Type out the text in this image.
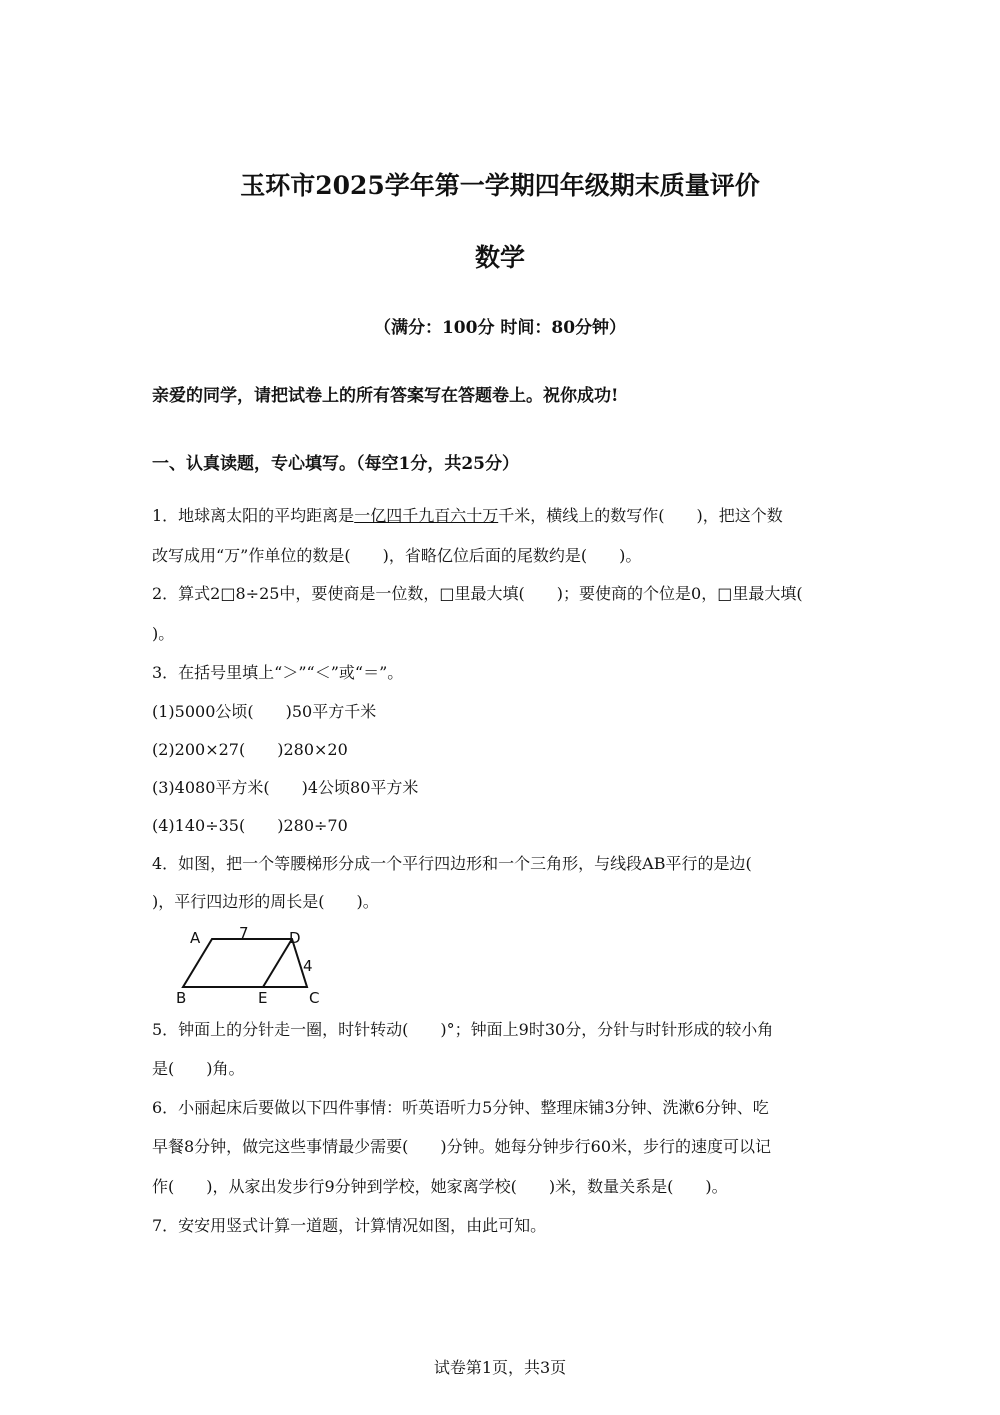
玉环市2025学年第一学期四年级期末质量评价
数学
（满分：100分 时间：80分钟）
亲爱的同学，请把试卷上的所有答案写在答题卷上。祝你成功!
一、认真读题，专心填写。（每空1分，共25分）
1．地球离太阳的平均距离是一亿四千九百六十万千米，横线上的数写作(　　)，把这个数
改写成用“万”作单位的数是(　　)，省略亿位后面的尾数约是(　　)。
2．算式2□8÷25中，要使商是一位数，□里最大填(　　)；要使商的个位是0，□里最大填(
)。
3．在括号里填上“＞”“＜”或“＝”。
(1)5000公顷(　　)50平方千米
(2)200×27(　　)280×20
(3)4080平方米(　　)4公顷80平方米
(4)140÷35(　　)280÷70
4．如图，把一个等腰梯形分成一个平行四边形和一个三角形，与线段AB平行的是边(
)，平行四边形的周长是(　　)。
A	7	D
4
B	E	C
5．钟面上的分针走一圈，时针转动(　　)°；钟面上9时30分，分针与时针形成的较小角
是(　　)角。
6．小丽起床后要做以下四件事情：听英语听力5分钟、整理床铺3分钟、洗漱6分钟、吃
早餐8分钟，做完这些事情最少需要(　　)分钟。她每分钟步行60米，步行的速度可以记
作(　　)，从家出发步行9分钟到学校，她家离学校(　　)米，数量关系是(　　)。
7．安安用竖式计算一道题，计算情况如图，由此可知。
试卷第1页，共3页
